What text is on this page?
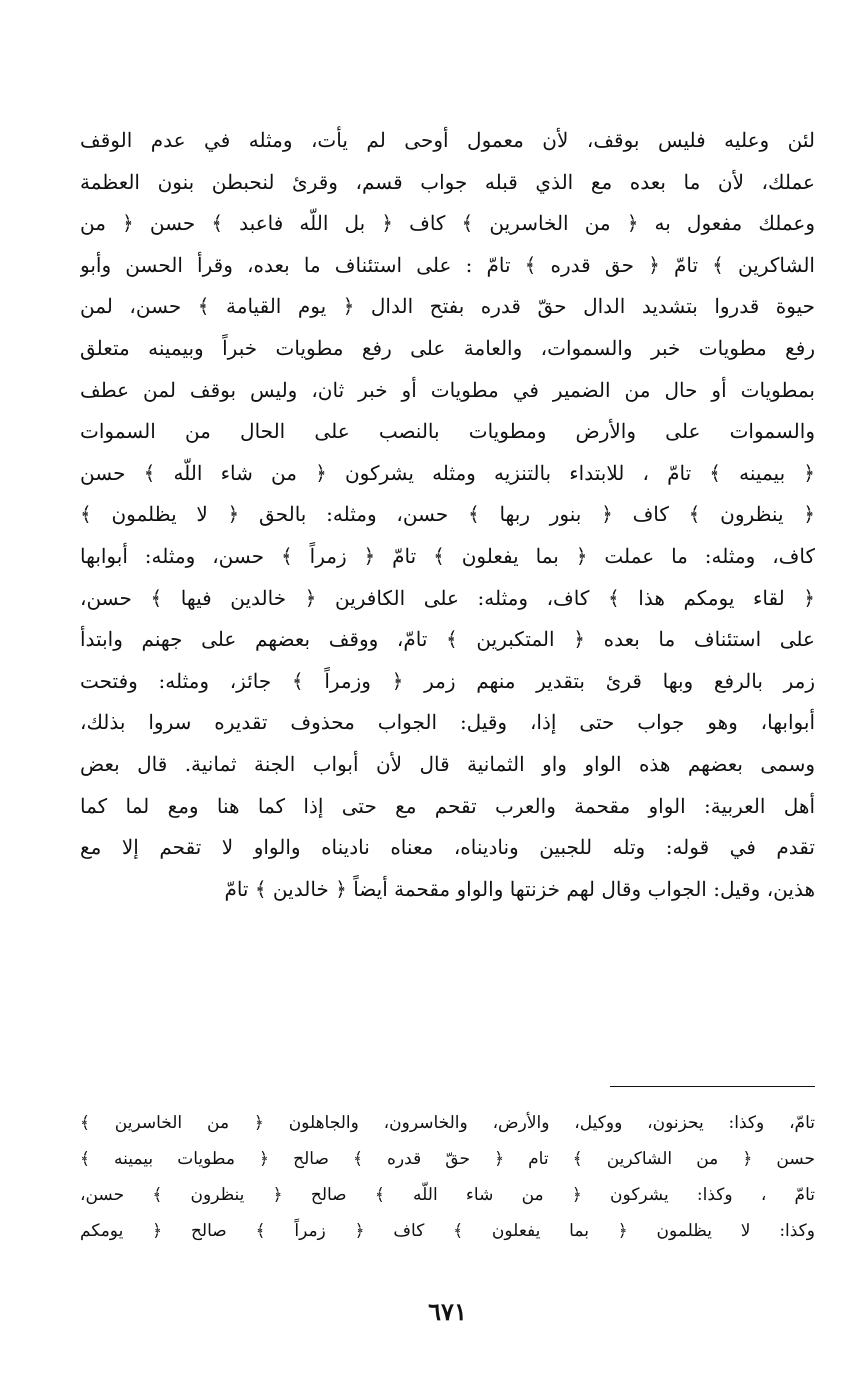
لئن وعليه فليس بوقف، لأن معمول أوحى لم يأت، ومثله في عدم الوقف
عملك، لأن ما بعده مع الذي قبله جواب قسم، وقرئ لنحبطن بنون العظمة
وعملك مفعول به ﴿ من الخاسرين ﴾ كاف ﴿ بل اللّه فاعبد ﴾ حسن ﴿ من
الشاكرين ﴾ تامّ ﴿ حق قدره ﴾ تامّ : على استئناف ما بعده، وقرأ الحسن وأبو
حيوة قدروا بتشديد الدال حقّ قدره بفتح الدال ﴿ يوم القيامة ﴾ حسن، لمن
رفع مطويات خبر والسموات، والعامة على رفع مطويات خبراً وبيمينه متعلق
بمطويات أو حال من الضمير في مطويات أو خبر ثان، وليس بوقف لمن عطف
والسموات على والأرض ومطويات بالنصب على الحال من السموات
﴿ بيمينه ﴾ تامّ ، للابتداء بالتنزيه ومثله يشركون ﴿ من شاء اللّه ﴾ حسن
﴿ ينظرون ﴾ كاف ﴿ بنور ربها ﴾ حسن، ومثله: بالحق ﴿ لا يظلمون ﴾
كاف، ومثله: ما عملت ﴿ بما يفعلون ﴾ تامّ ﴿ زمراً ﴾ حسن، ومثله: أبوابها
﴿ لقاء يومكم هذا ﴾ كاف، ومثله: على الكافرين ﴿ خالدين فيها ﴾ حسن،
على استئناف ما بعده ﴿ المتكبرين ﴾ تامّ، ووقف بعضهم على جهنم وابتدأ
زمر بالرفع وبها قرئ بتقدير منهم زمر ﴿ وزمراً ﴾ جائز، ومثله: وفتحت
أبوابها، وهو جواب حتى إذا، وقيل: الجواب محذوف تقديره سروا بذلك،
وسمى بعضهم هذه الواو واو الثمانية قال لأن أبواب الجنة ثمانية. قال بعض
أهل العربية: الواو مقحمة والعرب تقحم مع حتى إذا كما هنا ومع لما كما
تقدم في قوله: وتله للجبين وناديناه، معناه ناديناه والواو لا تقحم إلا مع
هذين، وقيل: الجواب وقال لهم خزنتها والواو مقحمة أيضاً ﴿ خالدين ﴾ تامّ
تامّ، وكذا: يحزنون، ووكيل، والأرض، والخاسرون، والجاهلون ﴿ من الخاسرين ﴾
حسن ﴿ من الشاكرين ﴾ تام ﴿ حقّ قدره ﴾ صالح ﴿ مطويات بيمينه ﴾
تامّ ، وكذا: يشركون ﴿ من شاء اللّه ﴾ صالح ﴿ ينظرون ﴾ حسن،
وكذا: لا يظلمون ﴿ بما يفعلون ﴾ كاف ﴿ زمراً ﴾ صالح ﴿ يومكم
٦٧١
